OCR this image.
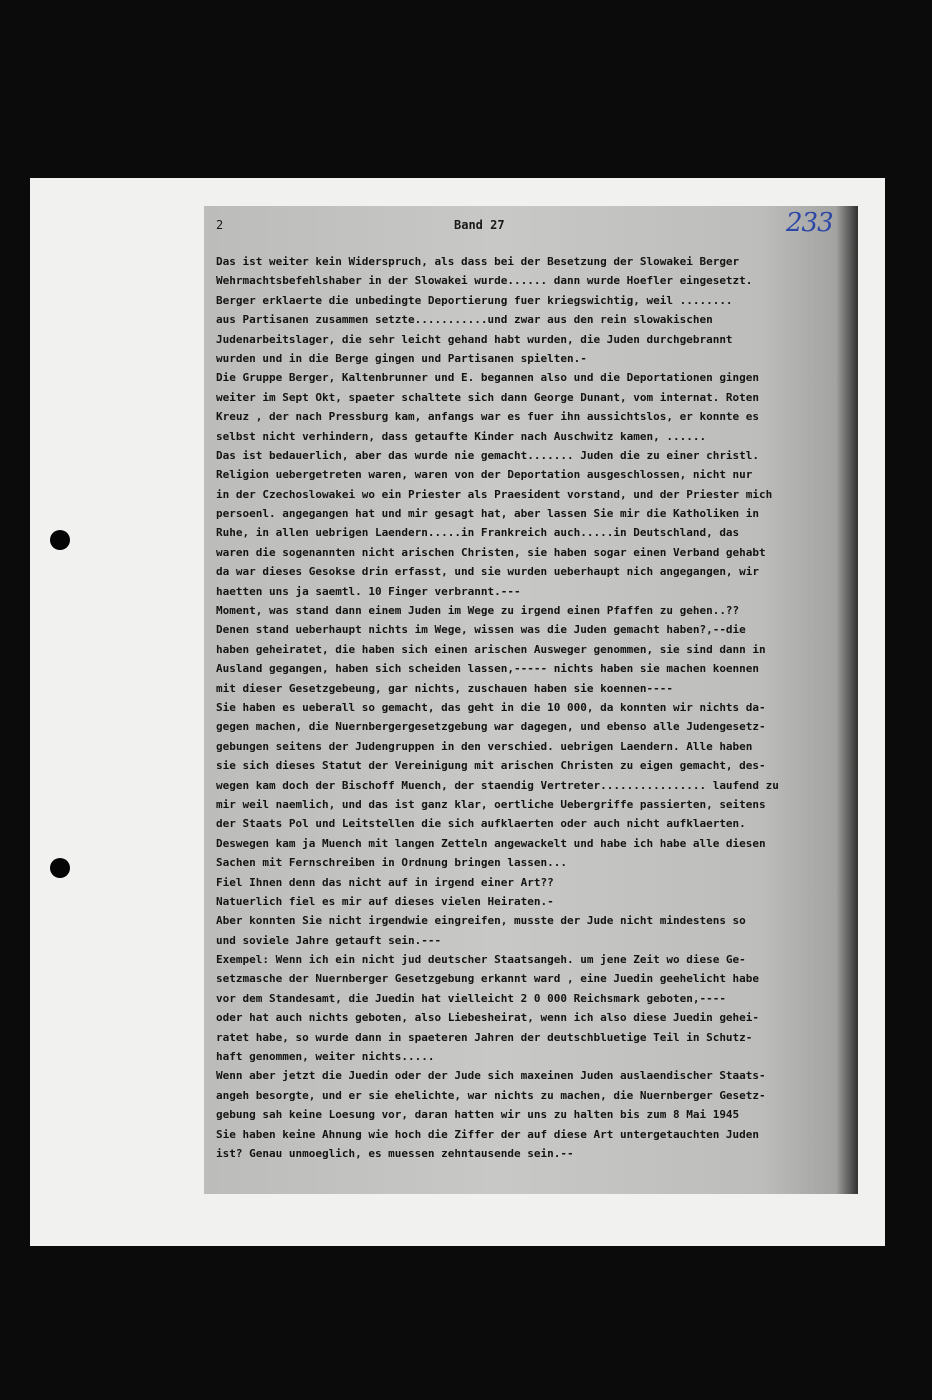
2	Band 27	233
Das ist weiter kein Widerspruch, als dass bei der Besetzung der Slowakei Berger
Wehrmachtsbefehlshaber in der Slowakei wurde...... dann wurde Hoefler eingesetzt.
Berger erklaerte die unbedingte Deportierung fuer kriegswichtig, weil ........
aus Partisanen zusammen setzte...........und zwar aus den rein slowakischen
Judenarbeitslager, die sehr leicht gehand habt wurden, die Juden durchgebrannt
wurden und in die Berge gingen und Partisanen spielten.-
Die Gruppe Berger, Kaltenbrunner und E. begannen also und die Deportationen gingen
weiter im Sept Okt, spaeter schaltete sich dann George Dunant, vom internat. Roten
Kreuz , der nach Pressburg kam, anfangs war es fuer ihn aussichtslos, er konnte es
selbst nicht verhindern, dass getaufte Kinder nach Auschwitz kamen, ......
Das ist bedauerlich, aber das wurde nie gemacht....... Juden die zu einer christl.
Religion uebergetreten waren, waren von der Deportation ausgeschlossen, nicht nur
in der Czechoslowakei wo ein Priester als Praesident vorstand, und der Priester mich
persoenl. angegangen hat und mir gesagt hat, aber lassen Sie mir die Katholiken in
Ruhe, in allen uebrigen Laendern.....in Frankreich auch.....in Deutschland, das
waren die sogenannten nicht arischen Christen, sie haben sogar einen Verband gehabt
da war dieses Gesokse drin erfasst, und sie wurden ueberhaupt nich angegangen, wir
haetten uns ja saemtl. 10 Finger verbrannt.---
Moment, was stand dann einem Juden im Wege zu irgend einen Pfaffen zu gehen..??
Denen stand ueberhaupt nichts im Wege, wissen was die Juden gemacht haben?,--die
haben geheiratet, die haben sich einen arischen Ausweger genommen, sie sind dann in
Ausland gegangen, haben sich scheiden lassen,----- nichts haben sie machen koennen
mit dieser Gesetzgebeung, gar nichts, zuschauen haben sie koennen----
Sie haben es ueberall so gemacht, das geht in die 10 000, da konnten wir nichts da-
gegen machen, die Nuernbergergesetzgebung war dagegen, und ebenso alle Judengesetz-
gebungen seitens der Judengruppen in den verschied. uebrigen Laendern. Alle haben
sie sich dieses Statut der Vereinigung mit arischen Christen zu eigen gemacht, des-
wegen kam doch der Bischoff Muench, der staendig Vertreter................ laufend zu
mir weil naemlich, und das ist ganz klar, oertliche Uebergriffe passierten, seitens
der Staats Pol und Leitstellen die sich aufklaerten oder auch nicht aufklaerten.
Deswegen kam ja Muench mit langen Zetteln angewackelt und habe ich habe alle diesen
Sachen mit Fernschreiben in Ordnung bringen lassen...
Fiel Ihnen denn das nicht auf in irgend einer Art??
Natuerlich fiel es mir auf dieses vielen Heiraten.-
Aber konnten Sie nicht irgendwie eingreifen, musste der Jude nicht mindestens so
und soviele Jahre getauft sein.---
Exempel: Wenn ich ein nicht jud deutscher Staatsangeh. um jene Zeit wo diese Ge-
setzmasche der Nuernberger Gesetzgebung erkannt ward , eine Juedin geehelicht habe
vor dem Standesamt, die Juedin hat vielleicht 2 0 000 Reichsmark geboten,----
oder hat auch nichts geboten, also Liebesheirat, wenn ich also diese Juedin gehei-
ratet habe, so wurde dann in spaeteren Jahren der deutschbluetige Teil in Schutz-
haft genommen, weiter nichts.....
Wenn aber jetzt die Juedin oder der Jude sich maxeinen Juden auslaendischer Staats-
angeh besorgte, und er sie ehelichte, war nichts zu machen, die Nuernberger Gesetz-
gebung sah keine Loesung vor, daran hatten wir uns zu halten bis zum 8 Mai 1945
Sie haben keine Ahnung wie hoch die Ziffer der auf diese Art untergetauchten Juden
ist? Genau unmoeglich, es muessen zehntausende sein.--
